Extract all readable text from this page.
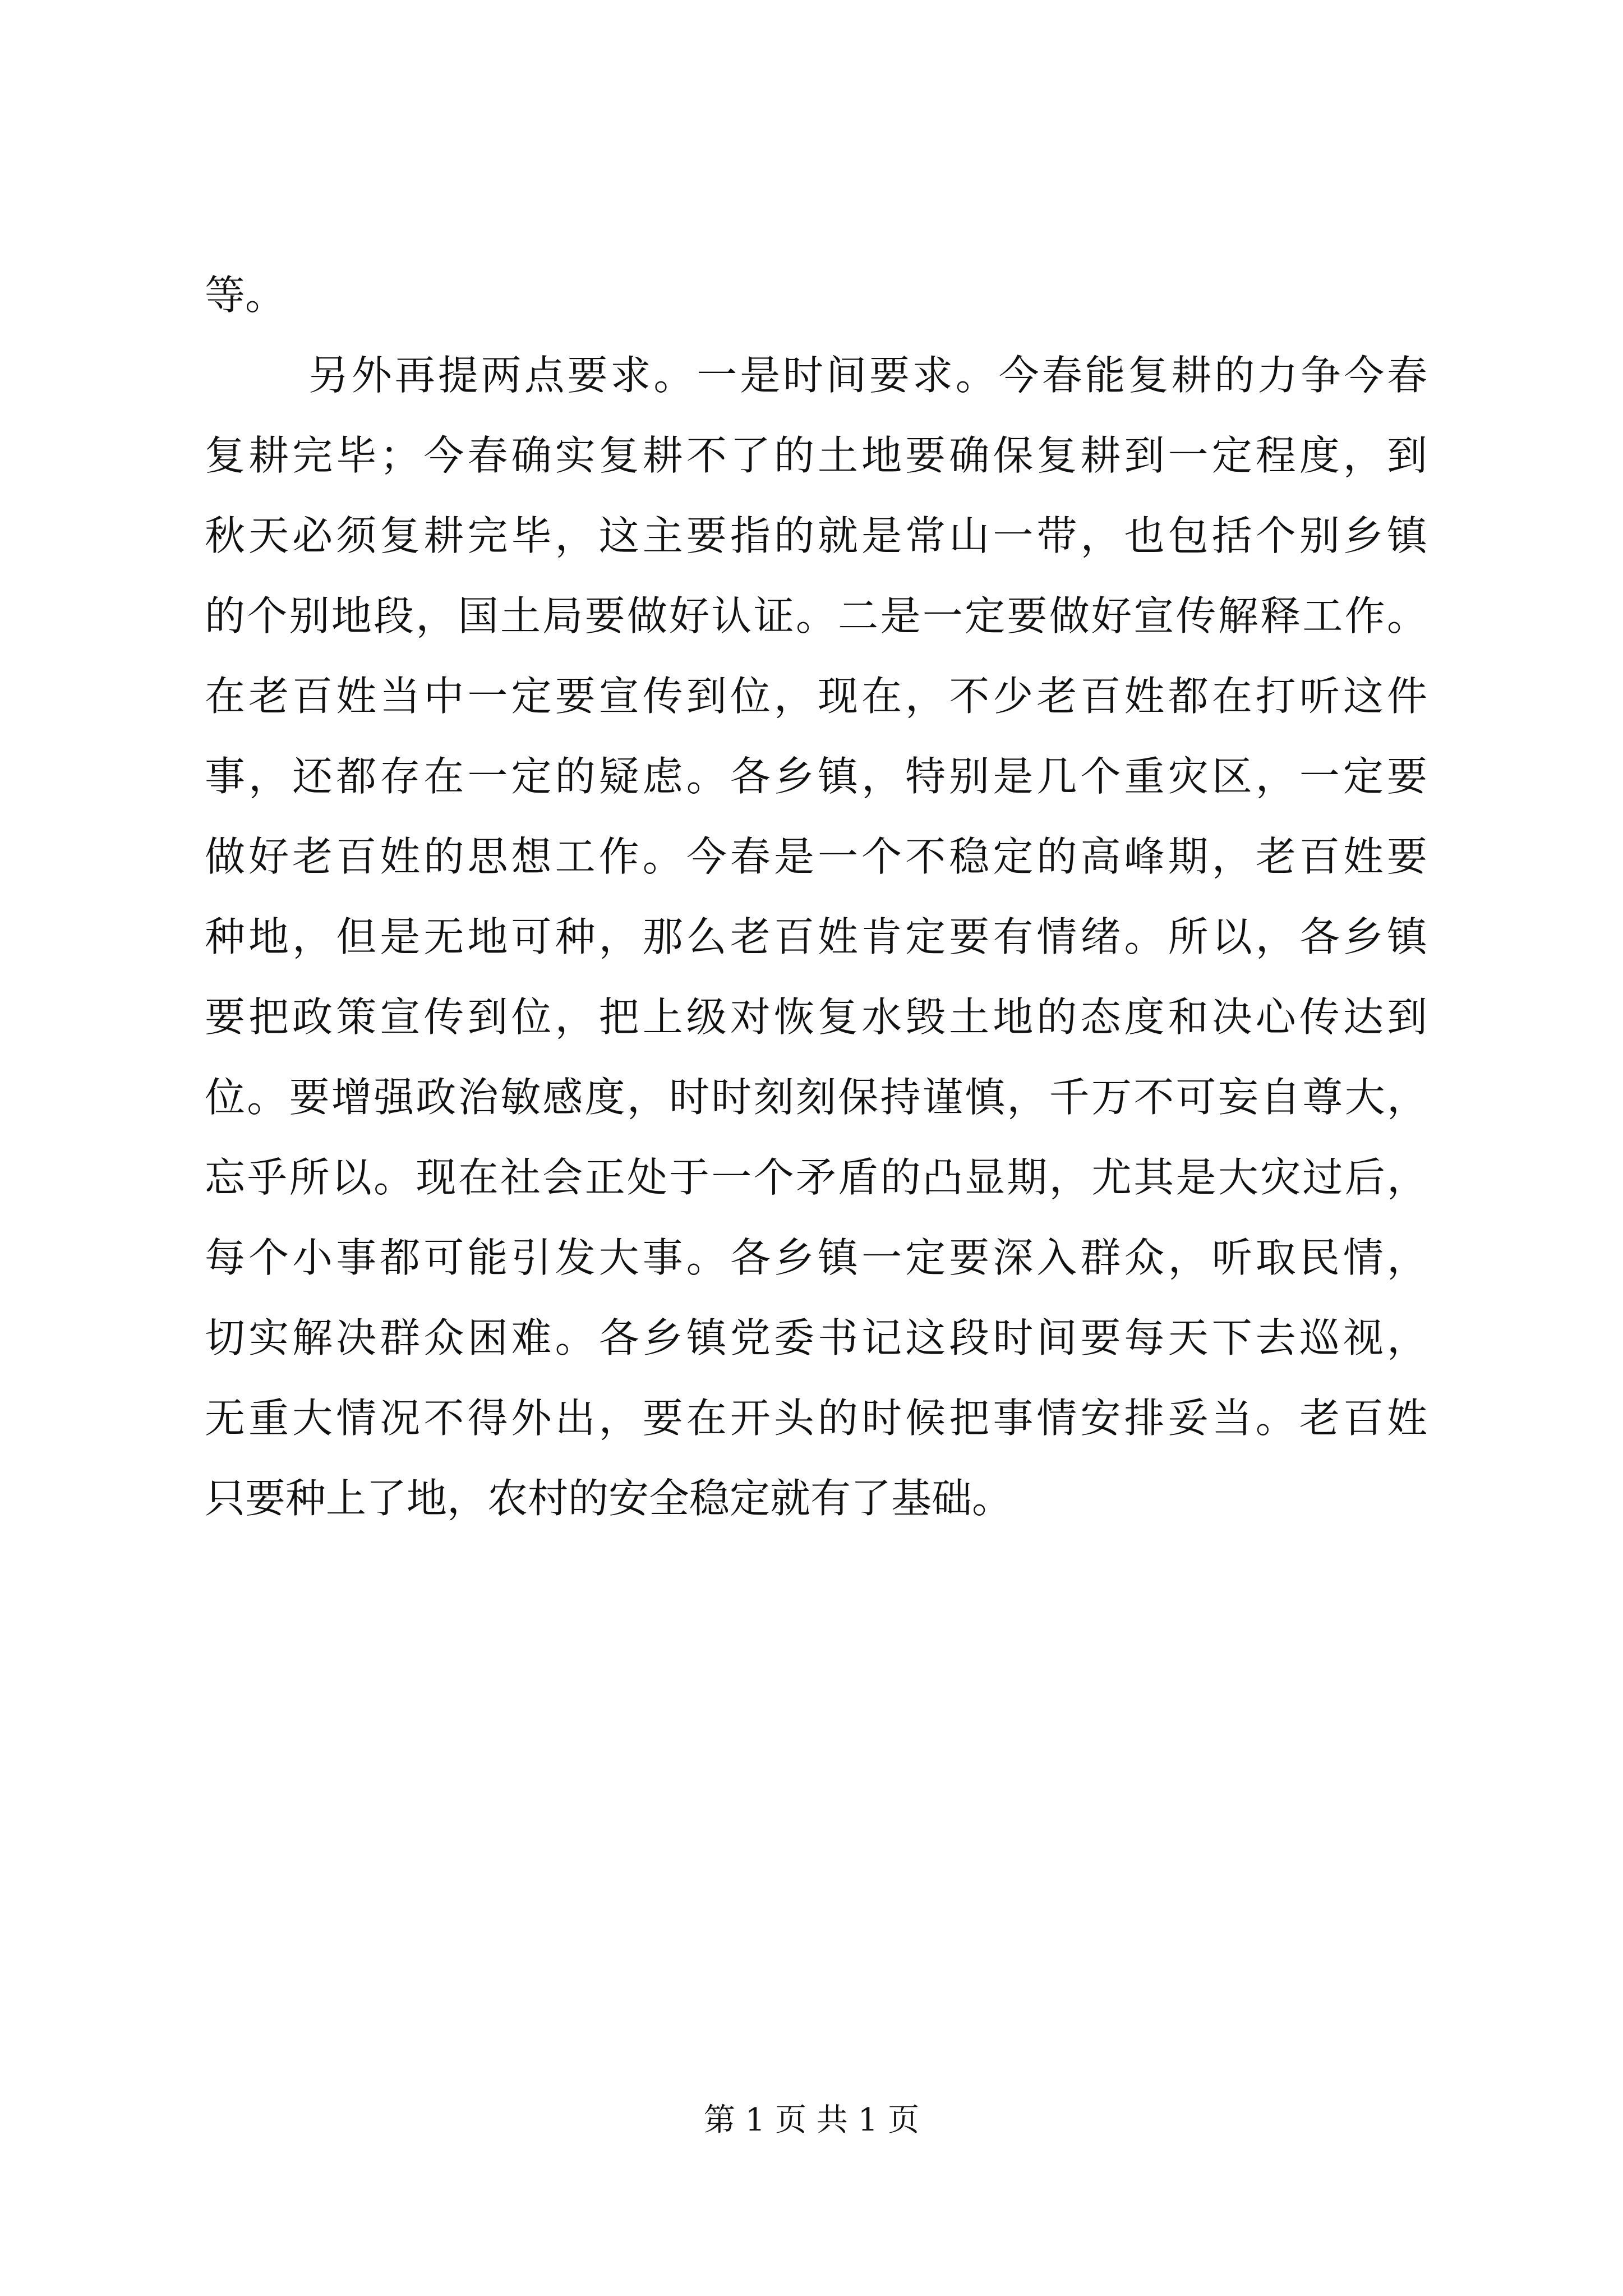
等。
另外再提两点要求。一是时间要求。今春能复耕的力争今春
复耕完毕；今春确实复耕不了的土地要确保复耕到一定程度，到
秋天必须复耕完毕，这主要指的就是常山一带，也包括个别乡镇
的个别地段，国土局要做好认证。二是一定要做好宣传解释工作。
在老百姓当中一定要宣传到位，现在，不少老百姓都在打听这件
事，还都存在一定的疑虑。各乡镇，特别是几个重灾区，一定要
做好老百姓的思想工作。今春是一个不稳定的高峰期，老百姓要
种地，但是无地可种，那么老百姓肯定要有情绪。所以，各乡镇
要把政策宣传到位，把上级对恢复水毁土地的态度和决心传达到
位。要增强政治敏感度，时时刻刻保持谨慎，千万不可妄自尊大，
忘乎所以。现在社会正处于一个矛盾的凸显期，尤其是大灾过后，
每个小事都可能引发大事。各乡镇一定要深入群众，听取民情，
切实解决群众困难。各乡镇党委书记这段时间要每天下去巡视，
无重大情况不得外出，要在开头的时候把事情安排妥当。老百姓
只要种上了地，农村的安全稳定就有了基础。
第 1 页 共 1 页
